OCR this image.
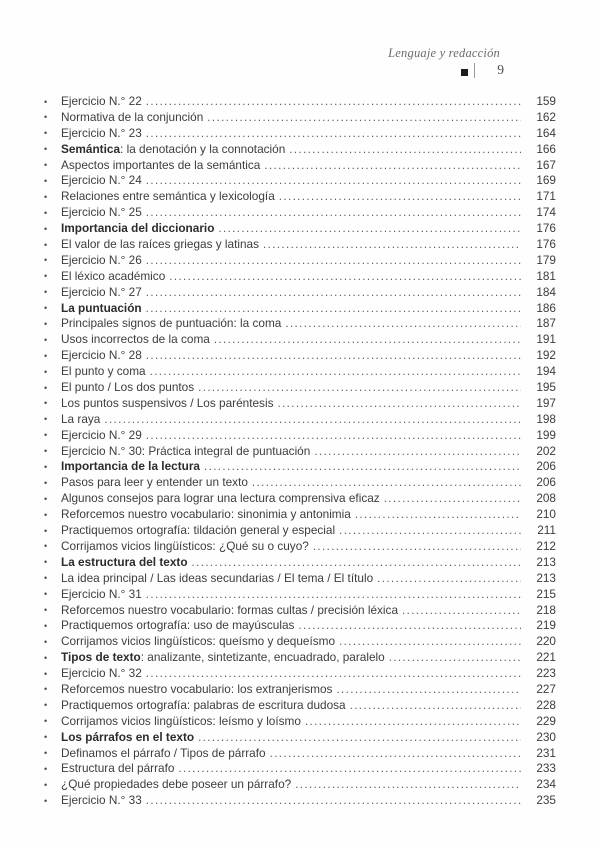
Lenguaje y redacción
9
•	Ejercicio N.° 22 .....	159
•	Normativa de la conjunción .....	162
•	Ejercicio N.° 23 .....	164
•	Semántica: la denotación y la connotación .....	166
•	Aspectos importantes de la semántica .....	167
•	Ejercicio N.° 24 .....	169
•	Relaciones entre semántica y lexicología .....	171
•	Ejercicio N.° 25 .....	174
•	Importancia del diccionario .....	176
•	El valor de las raíces griegas y latinas .....	176
•	Ejercicio N.° 26 .....	179
•	El léxico académico .....	181
•	Ejercicio N.° 27 .....	184
•	La puntuación .....	186
•	Principales signos de puntuación: la coma .....	187
•	Usos incorrectos de la coma .....	191
•	Ejercicio N.° 28 .....	192
•	El punto y coma .....	194
•	El punto / Los dos puntos .....	195
•	Los puntos suspensivos / Los paréntesis .....	197
•	La raya .....	198
•	Ejercicio N.° 29 .....	199
•	Ejercicio N.° 30: Práctica integral de puntuación .....	202
•	Importancia de la lectura .....	206
•	Pasos para leer y entender un texto .....	206
•	Algunos consejos para lograr una lectura comprensiva eficaz .....	208
•	Reforcemos nuestro vocabulario: sinonimia y antonimia .....	210
•	Practiquemos ortografía: tildación general y especial .....	211
•	Corrijamos vicios lingüísticos: ¿Qué su o cuyo? .....	212
•	La estructura del texto .....	213
•	La idea principal / Las ideas secundarias / El tema / El título .....	213
•	Ejercicio N.° 31 .....	215
•	Reforcemos nuestro vocabulario: formas cultas / precisión léxica .....	218
•	Practiquemos ortografía: uso de mayúsculas .....	219
•	Corrijamos vicios lingüísticos: queísmo y dequeísmo .....	220
•	Tipos de texto: analizante, sintetizante, encuadrado, paralelo .....	221
•	Ejercicio N.° 32 .....	223
•	Reforcemos nuestro vocabulario: los extranjerismos .....	227
•	Practiquemos ortografía: palabras de escritura dudosa .....	228
•	Corrijamos vicios lingüísticos: leísmo y loísmo .....	229
•	Los párrafos en el texto .....	230
•	Definamos el párrafo / Tipos de párrafo .....	231
•	Estructura del párrafo .....	233
•	¿Qué propiedades debe poseer un párrafo? .....	234
•	Ejercicio N.° 33 .....	235
